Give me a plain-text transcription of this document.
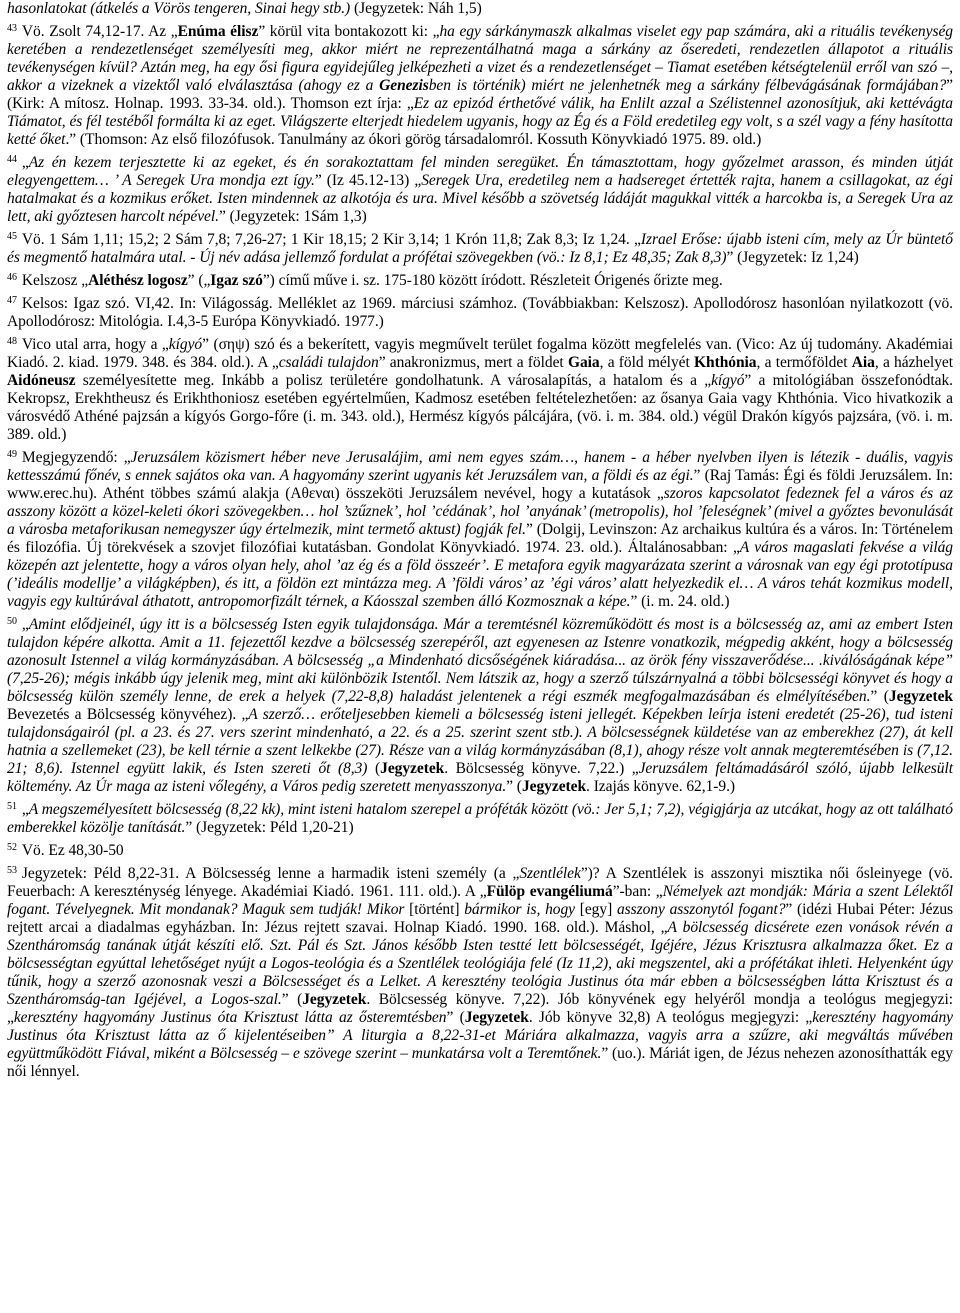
hasonlatokat (átkelés a Vörös tengeren, Sinai hegy stb.) (Jegyzetek: Náh 1,5)

$^{43}$ Vö. Zsolt 74,12-17. Az „Enúma élisz” körül vita bontakozott ki: „ha egy sárkánymaszk alkalmas viselet egy pap számára, aki a rituális tevékenység keretében a rendezetlenséget személyesíti meg, akkor miért ne reprezentálhatná maga a sárkány az őseredeti, rendezetlen állapotot a rituális tevékenységen kívül? Aztán meg, ha egy ősi figura egyidejűleg jelképezheti a vizet és a rendezetlenséget – Tiamat esetében kétségtelenül erről van szó –, akkor a vizeknek a vizektől való elválasztása (ahogy ez a Genezisben is történik) miért ne jelenhetnék meg a sárkány félbevágásának formájában?” (Kirk: A mítosz. Holnap. 1993. 33-34. old.). Thomson ezt írja: „Ez az epizód érthetővé válik, ha Enlilt azzal a Szélistennel azonosítjuk, aki kettévágta Tiámatot, és fél testéből formálta ki az eget. Világszerte elterjedt hiedelem ugyanis, hogy az Ég és a Föld eredetileg egy volt, s a szél vagy a fény hasította ketté őket.” (Thomson: Az első filozófusok. Tanulmány az ókori görög társadalomról. Kossuth Könyvkiadó 1975. 89. old.)

$^{44}$ „Az én kezem terjesztette ki az egeket, és én sorakoztattam fel minden seregüket. Én támasztottam, hogy győzelmet arasson, és minden útját elegyengettem… ’ A Seregek Ura mondja ezt így.” (Iz 45.12-13) „Seregek Ura, eredetileg nem a hadsereget értették rajta, hanem a csillagokat, az égi hatalmakat és a kozmikus erőket. Isten mindennek az alkotója és ura. Mivel később a szövetség ládáját magukkal vitték a harcokba is, a Seregek Ura az lett, aki győztesen harcolt népével.” (Jegyzetek: 1Sám 1,3)

$^{45}$ Vö. 1 Sám 1,11; 15,2; 2 Sám 7,8; 7,26-27; 1 Kir 18,15; 2 Kir 3,14; 1 Krón 11,8; Zak 8,3; Iz 1,24. „Izrael Erőse: újabb isteni cím, mely az Úr büntető és megmentő hatalmára utal. - Új név adása jellemző fordulat a prófétai szövegekben (vö.: Iz 8,1; Ez 48,35; Zak 8,3)” (Jegyzetek: Iz 1,24)

$^{46}$ Kelszosz „Aléthész logosz” („Igaz szó”) című műve i. sz. 175-180 között íródott. Részleteit Órigenés őrizte meg.

$^{47}$ Kelsos: Igaz szó. VI,42. In: Világosság. Melléklet az 1969. márciusi számhoz. (Továbbiakban: Kelszosz). Apollodórosz hasonlóan nyilatkozott (vö. Apollodórosz: Mitológia. I.4,3-5 Európa Könyvkiadó. 1977.)

$^{48}$ Vico utal arra, hogy a „kígyó” (σηψ) szó és a bekerített, vagyis megművelt terület fogalma között megfelelés van. (Vico: Az új tudomány. Akadémiai Kiadó. 2. kiad. 1979. 348. és 384. old.). A „családi tulajdon” anakronizmus, mert a földet Gaia, a föld mélyét Khthónia, a termőföldet Aia, a házhelyet Aidóneusz személyesítette meg. Inkább a polisz területére gondolhatunk. A városalapítás, a hatalom és a „kígyó” a mitológiában összefonódtak. Kekropsz, Erekhtheusz és Erikhthoniosz esetében egyértelműen, Kadmosz esetében feltételezhetően: az ősanya Gaia vagy Khthónia. Vico hivatkozik a városvédő Athéné pajzsán a kígyós Gorgo-főre (i. m. 343. old.), Hermész kígyós pálcájára, (vö. i. m. 384. old.) végül Drakón kígyós pajzsára, (vö. i. m. 389. old.)

$^{49}$ Megjegyzendő: „Jeruzsálem közismert héber neve Jerusalájim, ami nem egyes szám…, hanem - a héber nyelvben ilyen is létezik - duális, vagyis kettesszámú főnév, s ennek sajátos oka van. A hagyomány szerint ugyanis két Jeruzsálem van, a földi és az égi.” (Raj Tamás: Égi és földi Jeruzsálem. In: www.erec.hu). Athént többes számú alakja (Αθεναι) összeköti Jeruzsálem nevével, hogy a kutatások „szoros kapcsolatot fedeznek fel a város és az asszony között a közel-keleti ókori szövegekben… hol ’szűznek’, hol ’cédának’, hol ’anyának’ (metropolis), hol ’feleségnek’ (mivel a győztes bevonulását a városba metaforikusan nemegyszer úgy értelmezik, mint termető aktust) fogják fel.” (Dolgij, Levinszon: Az archaikus kultúra és a város. In: Történelem és filozófia. Új törekvések a szovjet filozófiai kutatásban. Gondolat Könyvkiadó. 1974. 23. old.). Általánosabban: „A város magaslati fekvése a világ közepén azt jelentette, hogy a város olyan hely, ahol ’az ég és a föld összeér’. E metafora egyik magyarázata szerint a városnak van egy égi prototípusa (’ideális modellje’ a világképben), és itt, a földön ezt mintázza meg. A ’földi város’ az ’égi város’ alatt helyezkedik el… A város tehát kozmikus modell, vagyis egy kultúrával áthatott, antropomorfizált térnek, a Káosszal szemben álló Kozmosznak a képe.” (i. m. 24. old.)

$^{50}$ „Amint elődjeinél, úgy itt is a bölcsesség Isten egyik tulajdonsága. Már a teremtésnél közreműködött és most is a bölcsesség az, ami az embert Isten tulajdon képére alkotta. Amit a 11. fejezettől kezdve a bölcsesség szerepéről, azt egyenesen az Istenre vonatkozik, mégpedig akként, hogy a bölcsesség azonosult Istennel a világ kormányzásában. A bölcsesség „a Mindenható dicsőségének kiáradása... az örök fény visszaverődése... .kiválóságának képe” (7,25-26); mégis inkább úgy jelenik meg, mint aki különbözik Istentől. Nem látszik az, hogy a szerző túlszárnyalná a többi bölcsességi könyvet és hogy a bölcsesség külön személy lenne, de erek a helyek (7,22-8,8) haladást jelentenek a régi eszmék megfogalmazásában és elmélyítésében.” (Jegyzetek Bevezetés a Bölcsesség könyvéhez). „A szerző… erőteljesebben kiemeli a bölcsesség isteni jellegét. Képekben leírja isteni eredetét (25-26), tud isteni tulajdonságairól (pl. a 23. és 27. vers szerint mindenható, a 22. és a 25. szerint szent stb.). A bölcsességnek küldetése van az emberekhez (27), át kell hatnia a szellemeket (23), be kell térnie a szent lelkekbe (27). Része van a világ kormányzásában (8,1), ahogy része volt annak megteremtésében is (7,12. 21; 8,6). Istennel együtt lakik, és Isten szereti őt (8,3) (Jegyzetek. Bölcsesség könyve. 7,22.) „Jeruzsálem feltámadásáról szóló, újabb lelkesült költemény. Az Úr maga az isteni vőlegény, a Város pedig szeretett menyasszonya.” (Jegyzetek. Izajás könyve. 62,1-9.)

$^{51}$ „A megszemélyesített bölcsesség (8,22 kk), mint isteni hatalom szerepel a próféták között (vö.: Jer 5,1; 7,2), végigjárja az utcákat, hogy az ott található emberekkel közölje tanítását.” (Jegyzetek: Péld 1,20-21)

$^{52}$ Vö. Ez 48,30-50

$^{53}$ Jegyzetek: Péld 8,22-31. A Bölcsesség lenne a harmadik isteni személy (a „Szentlélek”)? A Szentlélek is asszonyi misztika női ősleinyege (vö. Feuerbach: A kereszténység lényege. Akadémiai Kiadó. 1961. 111. old.). A „Fülöp evangéliumá”-ban: „Némelyek azt mondják: Mária a szent Lélektől fogant. Tévelyegnek. Mit mondanak? Maguk sem tudják! Mikor [történt] bármikor is, hogy [egy] asszony asszonytól fogant?” (idézi Hubai Péter: Jézus rejtett arcai a diadalmas egyházban. In: Jézus rejtett szavai. Holnap Kiadó. 1990. 168. old.). Máshol, „A bölcsesség dicsérete ezen vonások révén a Szentháromság tanának útját készíti elő. Szt. Pál és Szt. János később Isten testté lett bölcsességét, Igéjére, Jézus Krisztusra alkalmazza őket. Ez a bölcsességtan egyúttal lehetőséget nyújt a Logos-teológia és a Szentlélek teológiája felé (Iz 11,2), aki megszentel, aki a prófétákat ihleti. Helyenként úgy tűnik, hogy a szerző azonosnak veszi a Bölcsességet és a Lelket. A keresztény teológia Justinus óta már ebben a bölcsességben látta Krisztust és a Szentháromság-tan Igéjével, a Logos-szal.” (Jegyzetek. Bölcsesség könyve. 7,22). Jób könyvének egy helyéről mondja a teológus megjegyzi: „keresztény hagyomány Justinus óta Krisztust látta az ősteremtésben” (Jegyzetek. Jób könyve 32,8) A teológus megjegyzi: „keresztény hagyomány Justinus óta Krisztust látta az ő kijelentéseiben” A liturgia a 8,22-31-et Máriára alkalmazza, vagyis arra a szűzre, aki megváltás művében együttműködött Fiával, miként a Bölcsesség – e szövege szerint – munkatársa volt a Teremtőnek.” (uo.). Máriát igen, de Jézus nehezen azonosíthatták egy női lénnyel.
